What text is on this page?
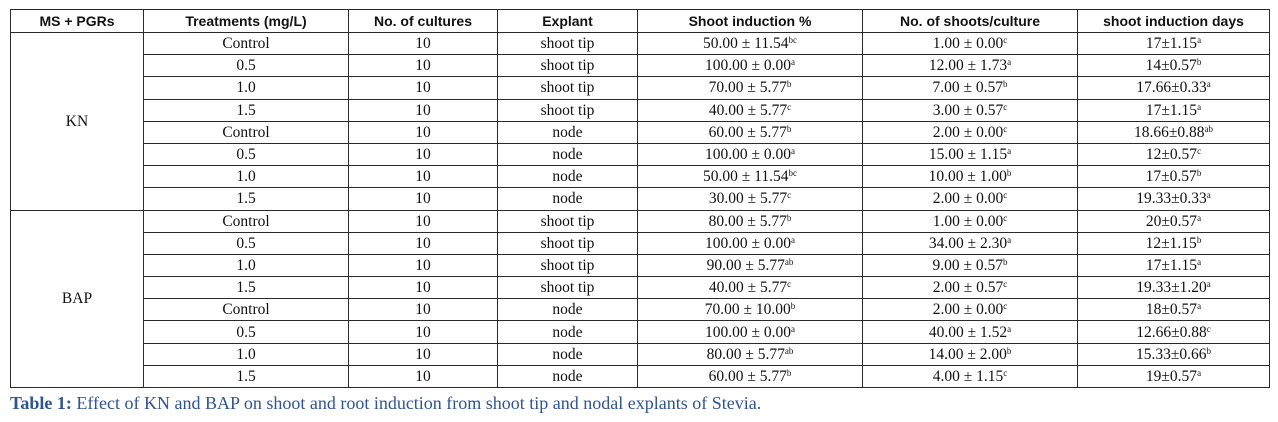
MS + PGRs	Treatments (mg/L)	No. of cultures	Explant	Shoot induction %	No. of shoots/culture	shoot induction days
KN	Control	10	shoot tip	50.00 ± 11.54$^{bc}$	1.00 ± 0.00$^c$	17±1.15$^a$
	0.5	10	shoot tip	100.00 ± 0.00$^a$	12.00 ± 1.73$^a$	14±0.57$^b$
	1.0	10	shoot tip	70.00 ± 5.77$^b$	7.00 ± 0.57$^b$	17.66±0.33$^a$
	1.5	10	shoot tip	40.00 ± 5.77$^c$	3.00 ± 0.57$^c$	17±1.15$^a$
	Control	10	node	60.00 ± 5.77$^b$	2.00 ± 0.00$^c$	18.66±0.88$^{ab}$
	0.5	10	node	100.00 ± 0.00$^a$	15.00 ± 1.15$^a$	12±0.57$^c$
	1.0	10	node	50.00 ± 11.54$^{bc}$	10.00 ± 1.00$^b$	17±0.57$^b$
	1.5	10	node	30.00 ± 5.77$^c$	2.00 ± 0.00$^c$	19.33±0.33$^a$
BAP	Control	10	shoot tip	80.00 ± 5.77$^b$	1.00 ± 0.00$^c$	20±0.57$^a$
	0.5	10	shoot tip	100.00 ± 0.00$^a$	34.00 ± 2.30$^a$	12±1.15$^b$
	1.0	10	shoot tip	90.00 ± 5.77$^{ab}$	9.00 ± 0.57$^b$	17±1.15$^a$
	1.5	10	shoot tip	40.00 ± 5.77$^c$	2.00 ± 0.57$^c$	19.33±1.20$^a$
	Control	10	node	70.00 ± 10.00$^b$	2.00 ± 0.00$^c$	18±0.57$^a$
	0.5	10	node	100.00 ± 0.00$^a$	40.00 ± 1.52$^a$	12.66±0.88$^c$
	1.0	10	node	80.00 ± 5.77$^{ab}$	14.00 ± 2.00$^b$	15.33±0.66$^b$
	1.5	10	node	60.00 ± 5.77$^b$	4.00 ± 1.15$^c$	19±0.57$^a$
Table 1: Effect of KN and BAP on shoot and root induction from shoot tip and nodal explants of Stevia.
